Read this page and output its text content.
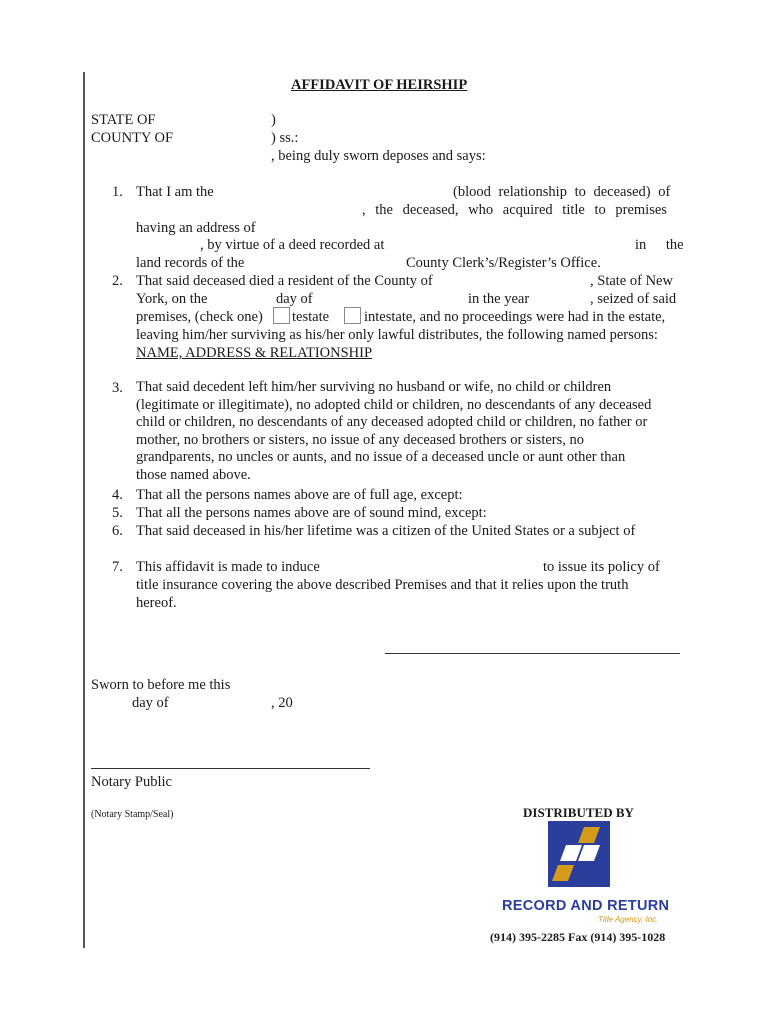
AFFIDAVIT OF HEIRSHIP
STATE OF	)
COUNTY OF	) ss.:
, being duly sworn deposes and says:
1. That I am the	(blood relationship to deceased) of
, the deceased, who acquired title to premises
having an address of
, by virtue of a deed recorded at	in the
land records of the	County Clerk’s/Register’s Office.
2. That said deceased died a resident of the County of	, State of New
York, on the	day of	in the year	, seized of said
premises, (check one) testate intestate, and no proceedings were had in the estate,
leaving him/her surviving as his/her only lawful distributes, the following named persons:
NAME, ADDRESS & RELATIONSHIP
3. That said decedent left him/her surviving no husband or wife, no child or children
(legitimate or illegitimate), no adopted child or children, no descendants of any deceased
child or children, no descendants of any deceased adopted child or children, no father or
mother, no brothers or sisters, no issue of any deceased brothers or sisters, no
grandparents, no uncles or aunts, and no issue of a deceased uncle or aunt other than
those named above.
4. That all the persons names above are of full age, except:
5. That all the persons names above are of sound mind, except:
6. That said deceased in his/her lifetime was a citizen of the United States or a subject of
7. This affidavit is made to induce	to issue its policy of
title insurance covering the above described Premises and that it relies upon the truth
hereof.
Sworn to before me this
day of	, 20
Notary Public
(Notary Stamp/Seal)	DISTRIBUTED BY
RECORD AND RETURN
Title Agency, Inc.
(914) 395-2285 Fax (914) 395-1028
